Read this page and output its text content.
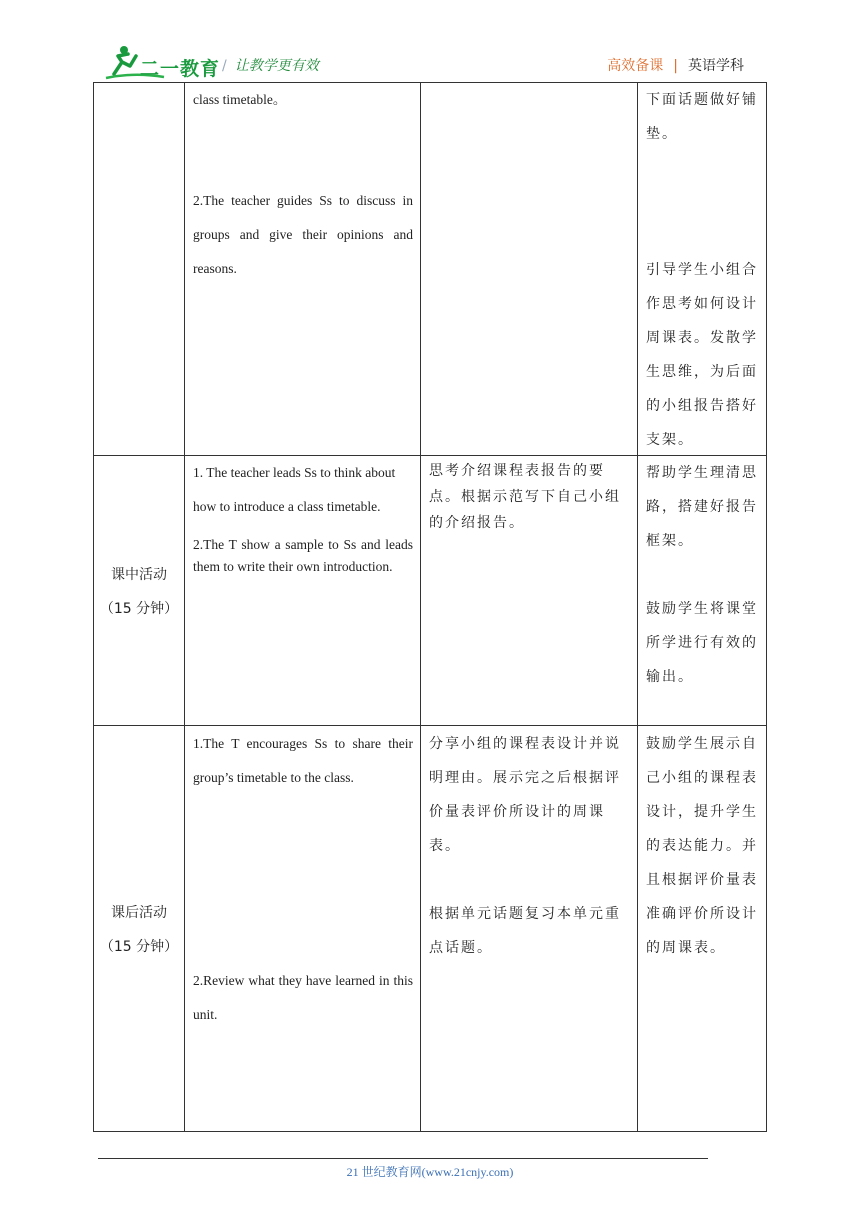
二一教育 / 让教学更有效	高效备课 | 英语学科

class timetable。

2.The teacher guides Ss to discuss in groups and give their opinions and reasons.

下面话题做好铺垫。

引导学生小组合作思考如何设计周课表。发散学生思维，为后面的小组报告搭好支架。

课中活动
（15 分钟）

1. The teacher leads Ss to think about

how to introduce a class timetable.

2.The T show a sample to Ss and leads them to write their own introduction.

思考介绍课程表报告的要点。根据示范写下自己小组的介绍报告。

帮助学生理清思路，搭建好报告框架。

鼓励学生将课堂所学进行有效的输出。

课后活动
（15 分钟）

1.The T encourages Ss to share their group’s timetable to the class.

2.Review what they have learned in this unit.

分享小组的课程表设计并说明理由。展示完之后根据评价量表评价所设计的周课表。

根据单元话题复习本单元重点话题。

鼓励学生展示自己小组的课程表设计，提升学生的表达能力。并且根据评价量表准确评价所设计的周课表。

21 世纪教育网(www.21cnjy.com)
